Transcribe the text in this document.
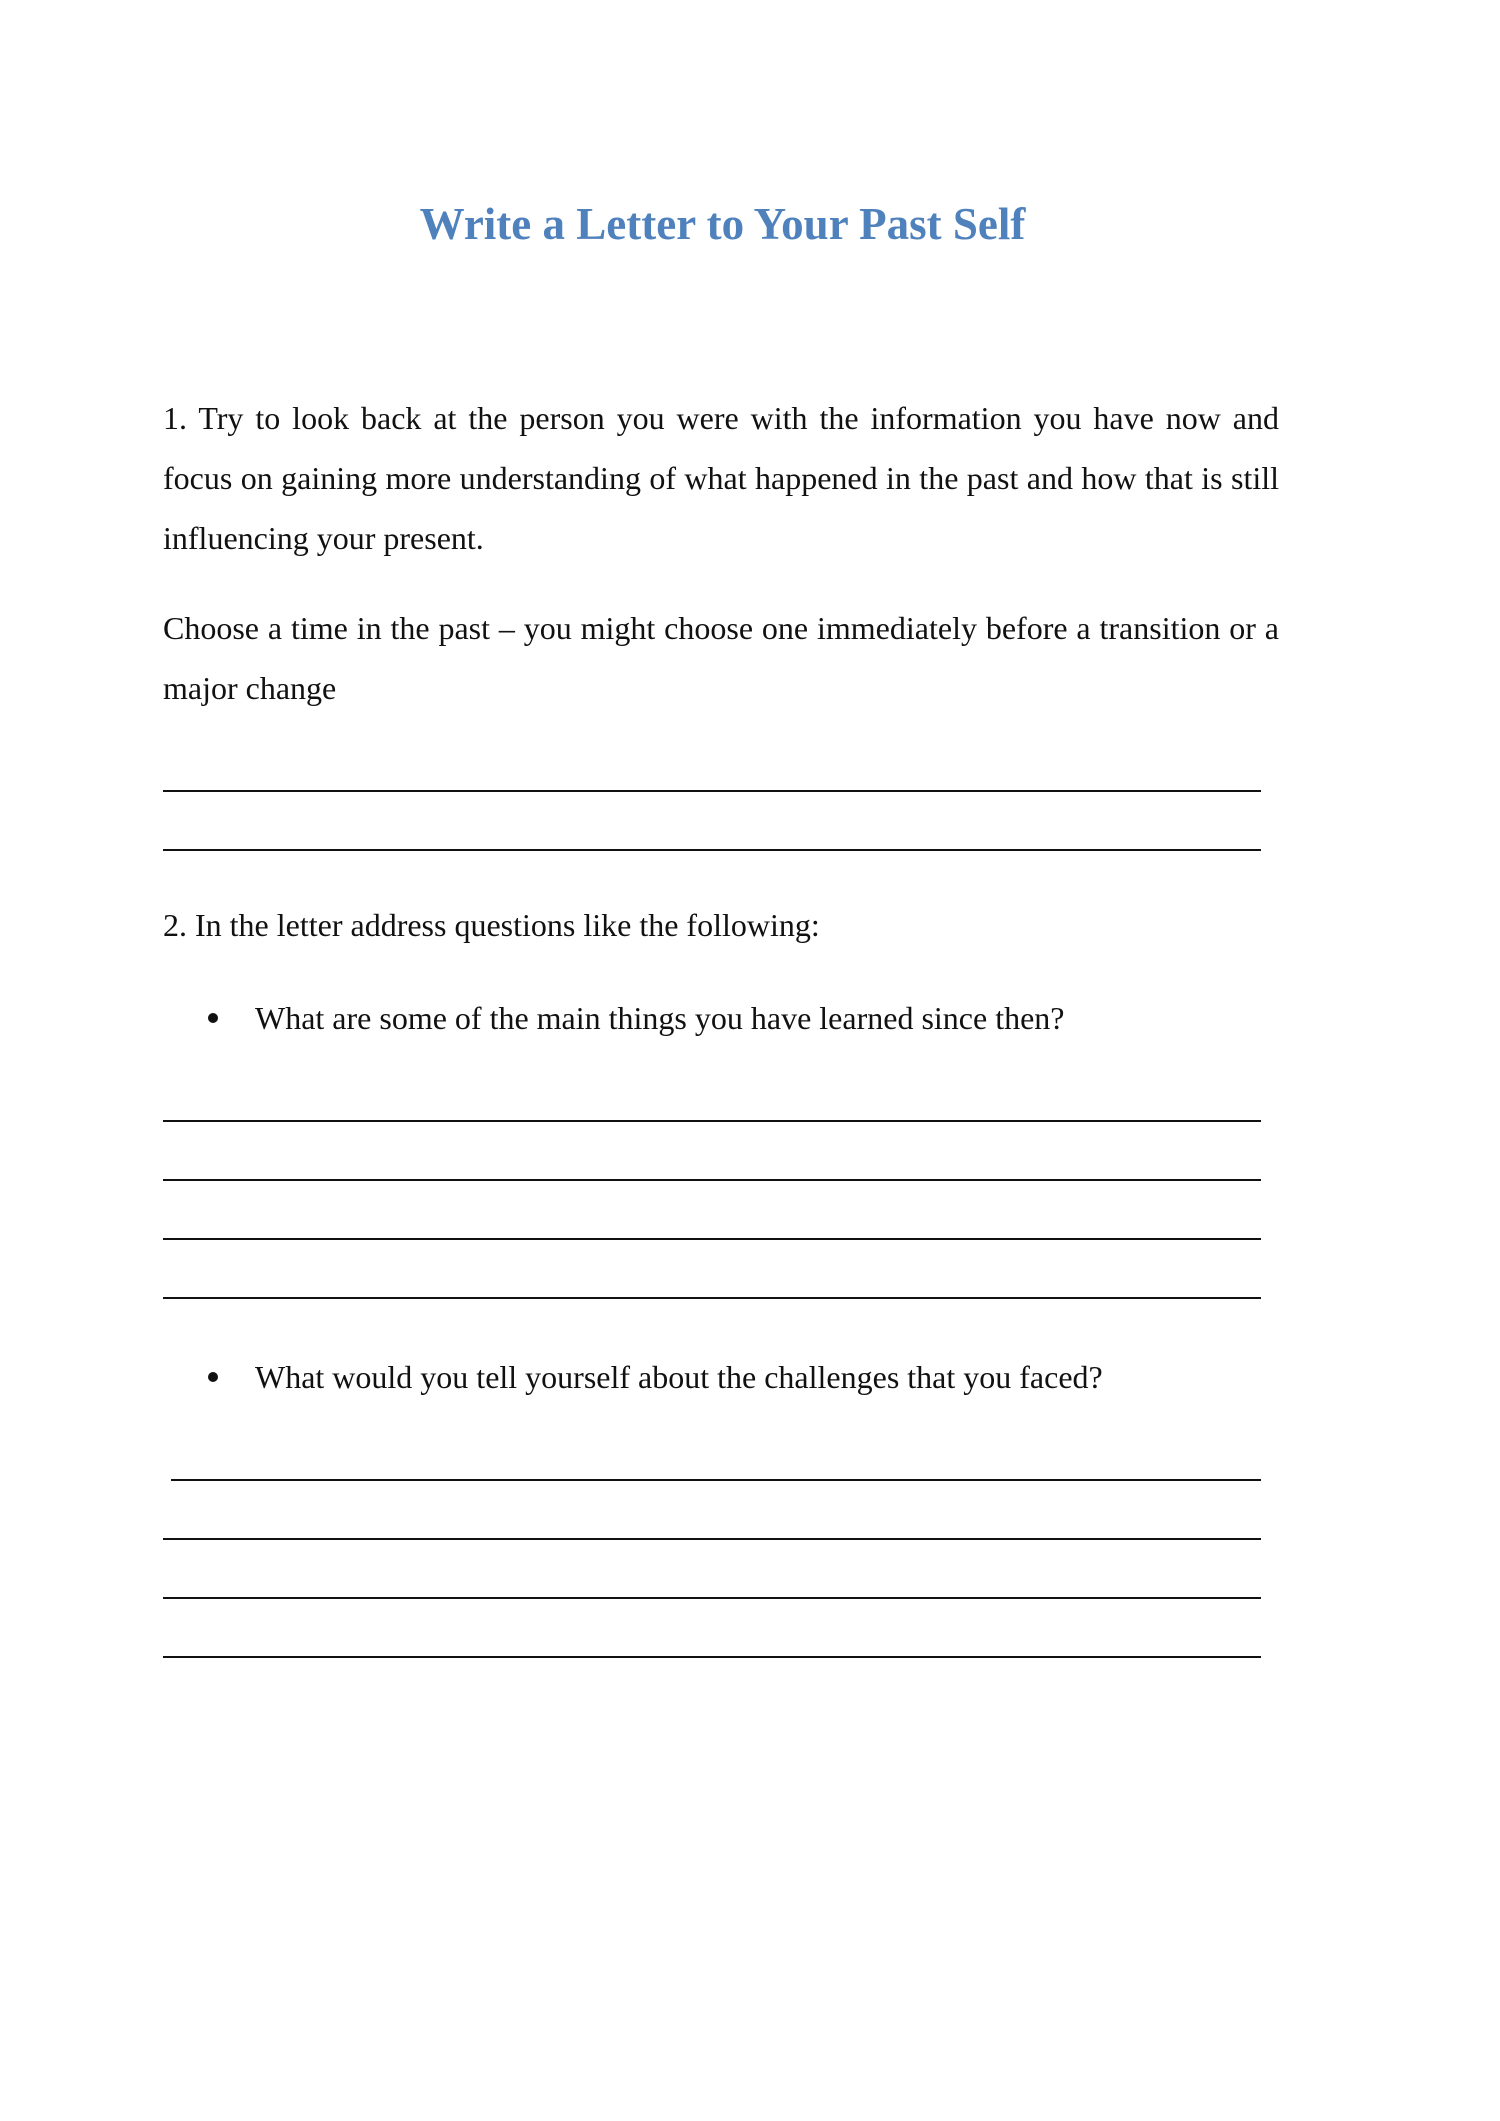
Write a Letter to Your Past Self

1. Try to look back at the person you were with the information you have now and focus on gaining more understanding of what happened in the past and how that is still influencing your present.

Choose a time in the past – you might choose one immediately before a transition or a major change

2. In the letter address questions like the following:

What are some of the main things you have learned since then?
What would you tell yourself about the challenges that you faced?
